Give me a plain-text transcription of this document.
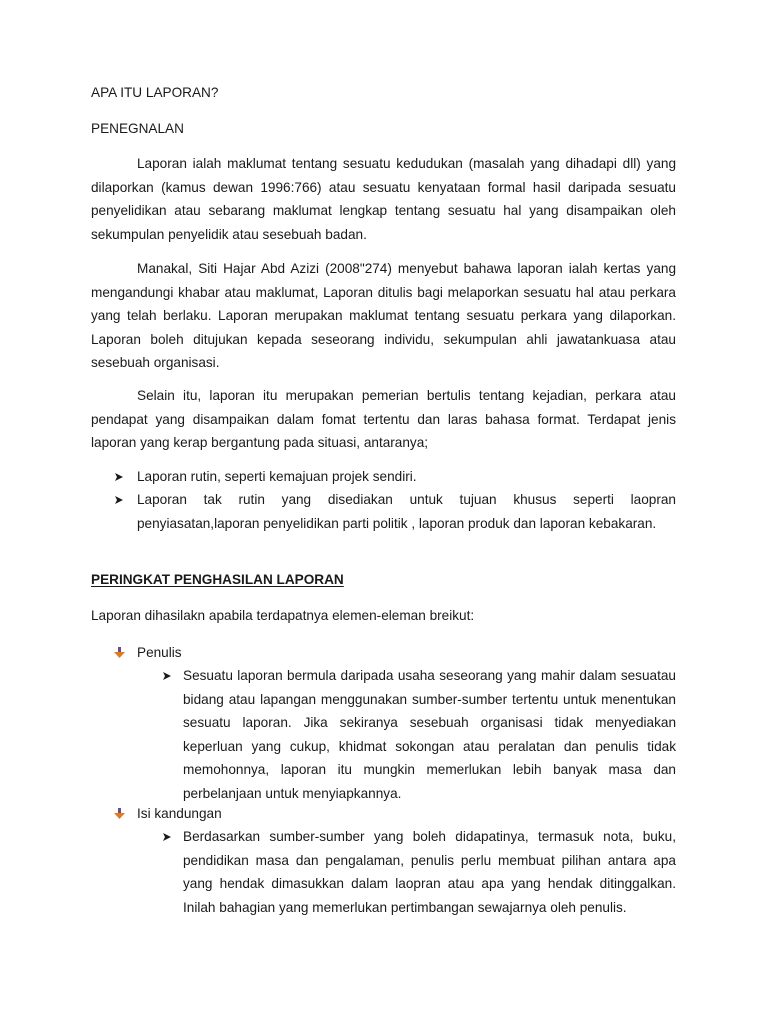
APA ITU LAPORAN?

PENEGNALAN

Laporan ialah maklumat tentang sesuatu kedudukan (masalah yang dihadapi dll) yang dilaporkan (kamus dewan 1996:766) atau sesuatu kenyataan formal hasil daripada sesuatu penyelidikan atau sebarang maklumat lengkap tentang sesuatu hal yang disampaikan oleh sekumpulan penyelidik atau sesebuah badan.

Manakal, Siti Hajar Abd Azizi (2008"274) menyebut bahawa laporan ialah kertas yang mengandungi khabar atau maklumat, Laporan ditulis bagi melaporkan sesuatu hal atau perkara yang telah berlaku. Laporan merupakan maklumat tentang sesuatu perkara yang dilaporkan. Laporan boleh ditujukan kepada seseorang individu, sekumpulan ahli jawatankuasa atau sesebuah organisasi.

Selain itu, laporan itu merupakan pemerian bertulis tentang kejadian, perkara atau pendapat yang disampaikan dalam fomat tertentu dan laras bahasa format. Terdapat jenis laporan yang kerap bergantung pada situasi, antaranya;

Laporan rutin, seperti kemajuan projek sendiri.

Laporan tak rutin yang disediakan untuk tujuan khusus seperti laopran penyiasatan,laporan penyelidikan parti politik , laporan produk dan laporan kebakaran.

PERINGKAT PENGHASILAN LAPORAN

Laporan dihasilakn apabila terdapatnya elemen-eleman breikut:

Penulis

Sesuatu laporan bermula daripada usaha seseorang yang mahir dalam sesuatau bidang atau lapangan menggunakan sumber-sumber tertentu untuk menentukan sesuatu laporan. Jika sekiranya sesebuah organisasi tidak menyediakan keperluan yang cukup, khidmat sokongan atau peralatan dan penulis tidak memohonnya, laporan itu mungkin memerlukan lebih banyak masa dan perbelanjaan untuk menyiapkannya.

Isi kandungan

Berdasarkan sumber-sumber yang boleh didapatinya, termasuk nota, buku, pendidikan masa dan pengalaman, penulis perlu membuat pilihan antara apa yang hendak dimasukkan dalam laopran atau apa yang hendak ditinggalkan. Inilah bahagian yang memerlukan pertimbangan sewajarnya oleh penulis.
